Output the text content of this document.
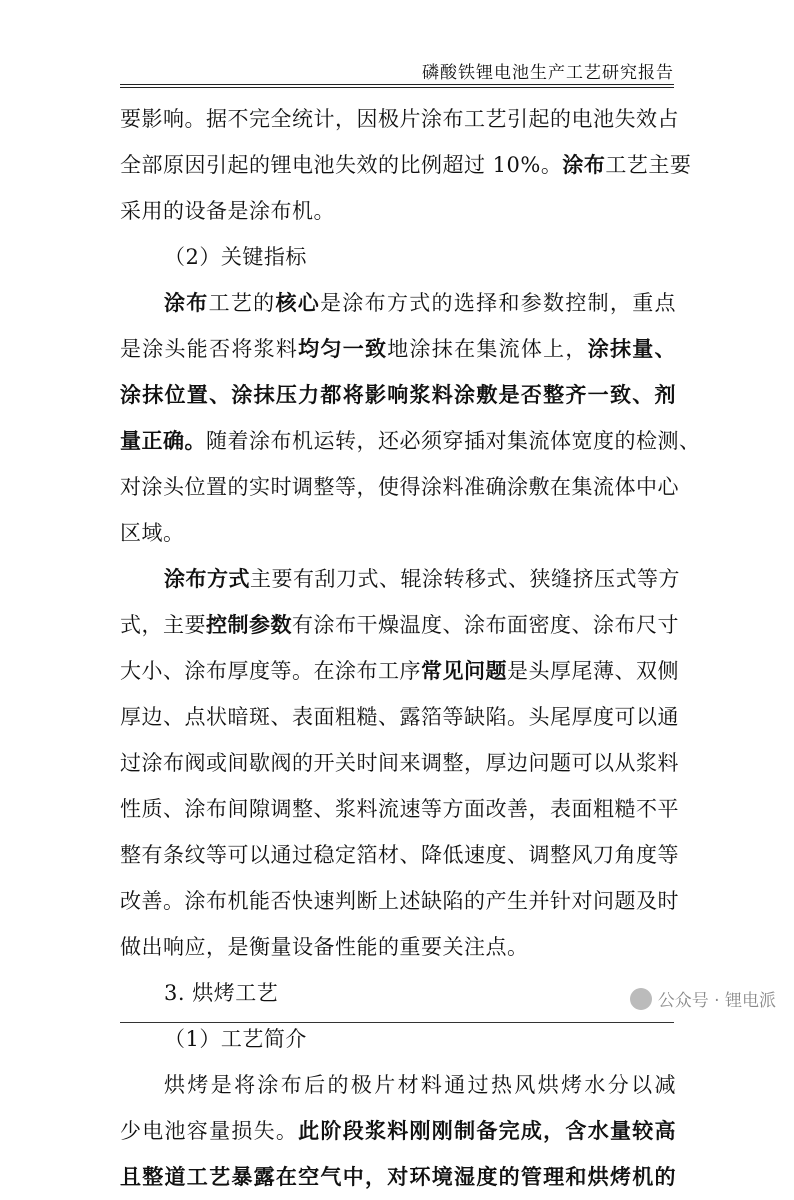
磷酸铁锂电池生产工艺研究报告
要影响。据不完全统计，因极片涂布工艺引起的电池失效占
全部原因引起的锂电池失效的比例超过 10%。涂布工艺主要
采用的设备是涂布机。
（2）关键指标
涂布工艺的核心是涂布方式的选择和参数控制，重点
是涂头能否将浆料均匀一致地涂抹在集流体上，涂抹量、
涂抹位置、涂抹压力都将影响浆料涂敷是否整齐一致、剂
量正确。随着涂布机运转，还必须穿插对集流体宽度的检测、
对涂头位置的实时调整等，使得涂料准确涂敷在集流体中心
区域。
涂布方式主要有刮刀式、辊涂转移式、狭缝挤压式等方
式，主要控制参数有涂布干燥温度、涂布面密度、涂布尺寸
大小、涂布厚度等。在涂布工序常见问题是头厚尾薄、双侧
厚边、点状暗斑、表面粗糙、露箔等缺陷。头尾厚度可以通
过涂布阀或间歇阀的开关时间来调整，厚边问题可以从浆料
性质、涂布间隙调整、浆料流速等方面改善，表面粗糙不平
整有条纹等可以通过稳定箔材、降低速度、调整风刀角度等
改善。涂布机能否快速判断上述缺陷的产生并针对问题及时
做出响应，是衡量设备性能的重要关注点。
3. 烘烤工艺
（1）工艺简介
烘烤是将涂布后的极片材料通过热风烘烤水分以减
少电池容量损失。此阶段浆料刚刚制备完成，含水量较高
且整道工艺暴露在空气中，对环境湿度的管理和烘烤机的
公众号 · 锂电派
